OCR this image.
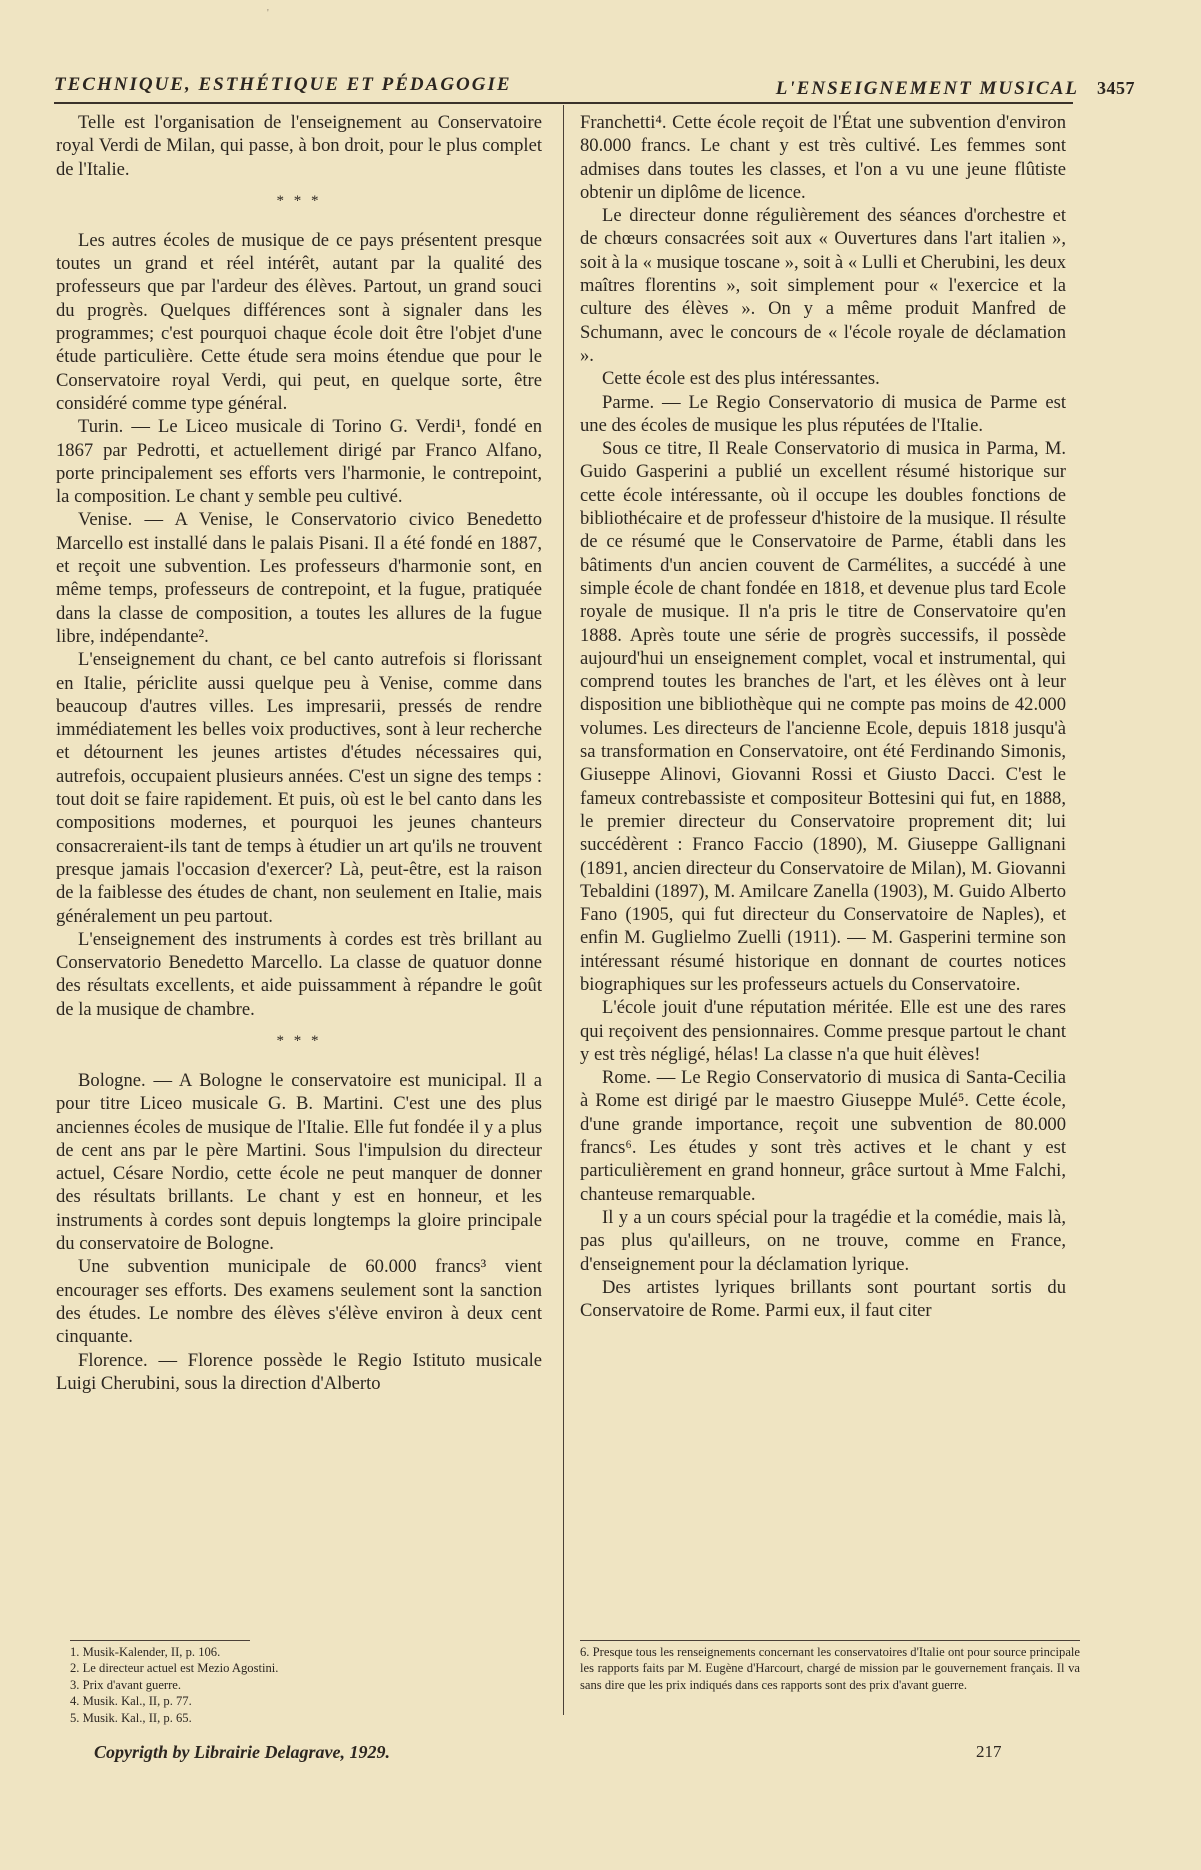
'
TECHNIQUE, ESTHÉTIQUE ET PÉDAGOGIE	L'ENSEIGNEMENT MUSICAL 3457

Telle est l'organisation de l'enseignement au Conservatoire royal Verdi de Milan, qui passe, à bon droit, pour le plus complet de l'Italie.

* * *

Les autres écoles de musique de ce pays présentent presque toutes un grand et réel intérêt, autant par la qualité des professeurs que par l'ardeur des élèves. Partout, un grand souci du progrès. Quelques différences sont à signaler dans les programmes; c'est pourquoi chaque école doit être l'objet d'une étude particulière. Cette étude sera moins étendue que pour le Conservatoire royal Verdi, qui peut, en quelque sorte, être considéré comme type général.

Turin. — Le Liceo musicale di Torino G. Verdi¹, fondé en 1867 par Pedrotti, et actuellement dirigé par Franco Alfano, porte principalement ses efforts vers l'harmonie, le contrepoint, la composition. Le chant y semble peu cultivé.

Venise. — A Venise, le Conservatorio civico Benedetto Marcello est installé dans le palais Pisani. Il a été fondé en 1887, et reçoit une subvention. Les professeurs d'harmonie sont, en même temps, professeurs de contrepoint, et la fugue, pratiquée dans la classe de composition, a toutes les allures de la fugue libre, indépendante².

L'enseignement du chant, ce bel canto autrefois si florissant en Italie, périclite aussi quelque peu à Venise, comme dans beaucoup d'autres villes. Les impresarii, pressés de rendre immédiatement les belles voix productives, sont à leur recherche et détournent les jeunes artistes d'études nécessaires qui, autrefois, occupaient plusieurs années. C'est un signe des temps : tout doit se faire rapidement. Et puis, où est le bel canto dans les compositions modernes, et pourquoi les jeunes chanteurs consacreraient-ils tant de temps à étudier un art qu'ils ne trouvent presque jamais l'occasion d'exercer? Là, peut-être, est la raison de la faiblesse des études de chant, non seulement en Italie, mais généralement un peu partout.

L'enseignement des instruments à cordes est très brillant au Conservatorio Benedetto Marcello. La classe de quatuor donne des résultats excellents, et aide puissamment à répandre le goût de la musique de chambre.

* * *

Bologne. — A Bologne le conservatoire est municipal. Il a pour titre Liceo musicale G. B. Martini. C'est une des plus anciennes écoles de musique de l'Italie. Elle fut fondée il y a plus de cent ans par le père Martini. Sous l'impulsion du directeur actuel, Césare Nordio, cette école ne peut manquer de donner des résultats brillants. Le chant y est en honneur, et les instruments à cordes sont depuis longtemps la gloire principale du conservatoire de Bologne.

Une subvention municipale de 60.000 francs³ vient encourager ses efforts. Des examens seulement sont la sanction des études. Le nombre des élèves s'élève environ à deux cent cinquante.

Florence. — Florence possède le Regio Istituto musicale Luigi Cherubini, sous la direction d'Alberto

Franchetti⁴. Cette école reçoit de l'État une subvention d'environ 80.000 francs. Le chant y est très cultivé. Les femmes sont admises dans toutes les classes, et l'on a vu une jeune flûtiste obtenir un diplôme de licence.

Le directeur donne régulièrement des séances d'orchestre et de chœurs consacrées soit aux « Ouvertures dans l'art italien », soit à la « musique toscane », soit à « Lulli et Cherubini, les deux maîtres florentins », soit simplement pour « l'exercice et la culture des élèves ». On y a même produit Manfred de Schumann, avec le concours de « l'école royale de déclamation ».

Cette école est des plus intéressantes.

Parme. — Le Regio Conservatorio di musica de Parme est une des écoles de musique les plus réputées de l'Italie.

Sous ce titre, Il Reale Conservatorio di musica in Parma, M. Guido Gasperini a publié un excellent résumé historique sur cette école intéressante, où il occupe les doubles fonctions de bibliothécaire et de professeur d'histoire de la musique. Il résulte de ce résumé que le Conservatoire de Parme, établi dans les bâtiments d'un ancien couvent de Carmélites, a succédé à une simple école de chant fondée en 1818, et devenue plus tard Ecole royale de musique. Il n'a pris le titre de Conservatoire qu'en 1888. Après toute une série de progrès successifs, il possède aujourd'hui un enseignement complet, vocal et instrumental, qui comprend toutes les branches de l'art, et les élèves ont à leur disposition une bibliothèque qui ne compte pas moins de 42.000 volumes. Les directeurs de l'ancienne Ecole, depuis 1818 jusqu'à sa transformation en Conservatoire, ont été Ferdinando Simonis, Giuseppe Alinovi, Giovanni Rossi et Giusto Dacci. C'est le fameux contrebassiste et compositeur Bottesini qui fut, en 1888, le premier directeur du Conservatoire proprement dit; lui succédèrent : Franco Faccio (1890), M. Giuseppe Gallignani (1891, ancien directeur du Conservatoire de Milan), M. Giovanni Tebaldini (1897), M. Amilcare Zanella (1903), M. Guido Alberto Fano (1905, qui fut directeur du Conservatoire de Naples), et enfin M. Guglielmo Zuelli (1911). — M. Gasperini termine son intéressant résumé historique en donnant de courtes notices biographiques sur les professeurs actuels du Conservatoire.

L'école jouit d'une réputation méritée. Elle est une des rares qui reçoivent des pensionnaires. Comme presque partout le chant y est très négligé, hélas! La classe n'a que huit élèves!

Rome. — Le Regio Conservatorio di musica di Santa-Cecilia à Rome est dirigé par le maestro Giuseppe Mulé⁵. Cette école, d'une grande importance, reçoit une subvention de 80.000 francs⁶. Les études y sont très actives et le chant y est particulièrement en grand honneur, grâce surtout à Mme Falchi, chanteuse remarquable.

Il y a un cours spécial pour la tragédie et la comédie, mais là, pas plus qu'ailleurs, on ne trouve, comme en France, d'enseignement pour la déclamation lyrique.

Des artistes lyriques brillants sont pourtant sortis du Conservatoire de Rome. Parmi eux, il faut citer

1. Musik-Kalender, II, p. 106.
2. Le directeur actuel est Mezio Agostini.
3. Prix d'avant guerre.
4. Musik. Kal., II, p. 77.
5. Musik. Kal., II, p. 65.
6. Presque tous les renseignements concernant les conservatoires d'Italie ont pour source principale les rapports faits par M. Eugène d'Harcourt, chargé de mission par le gouvernement français. Il va sans dire que les prix indiqués dans ces rapports sont des prix d'avant guerre.
Copyrigth by Librairie Delagrave, 1929.	217
